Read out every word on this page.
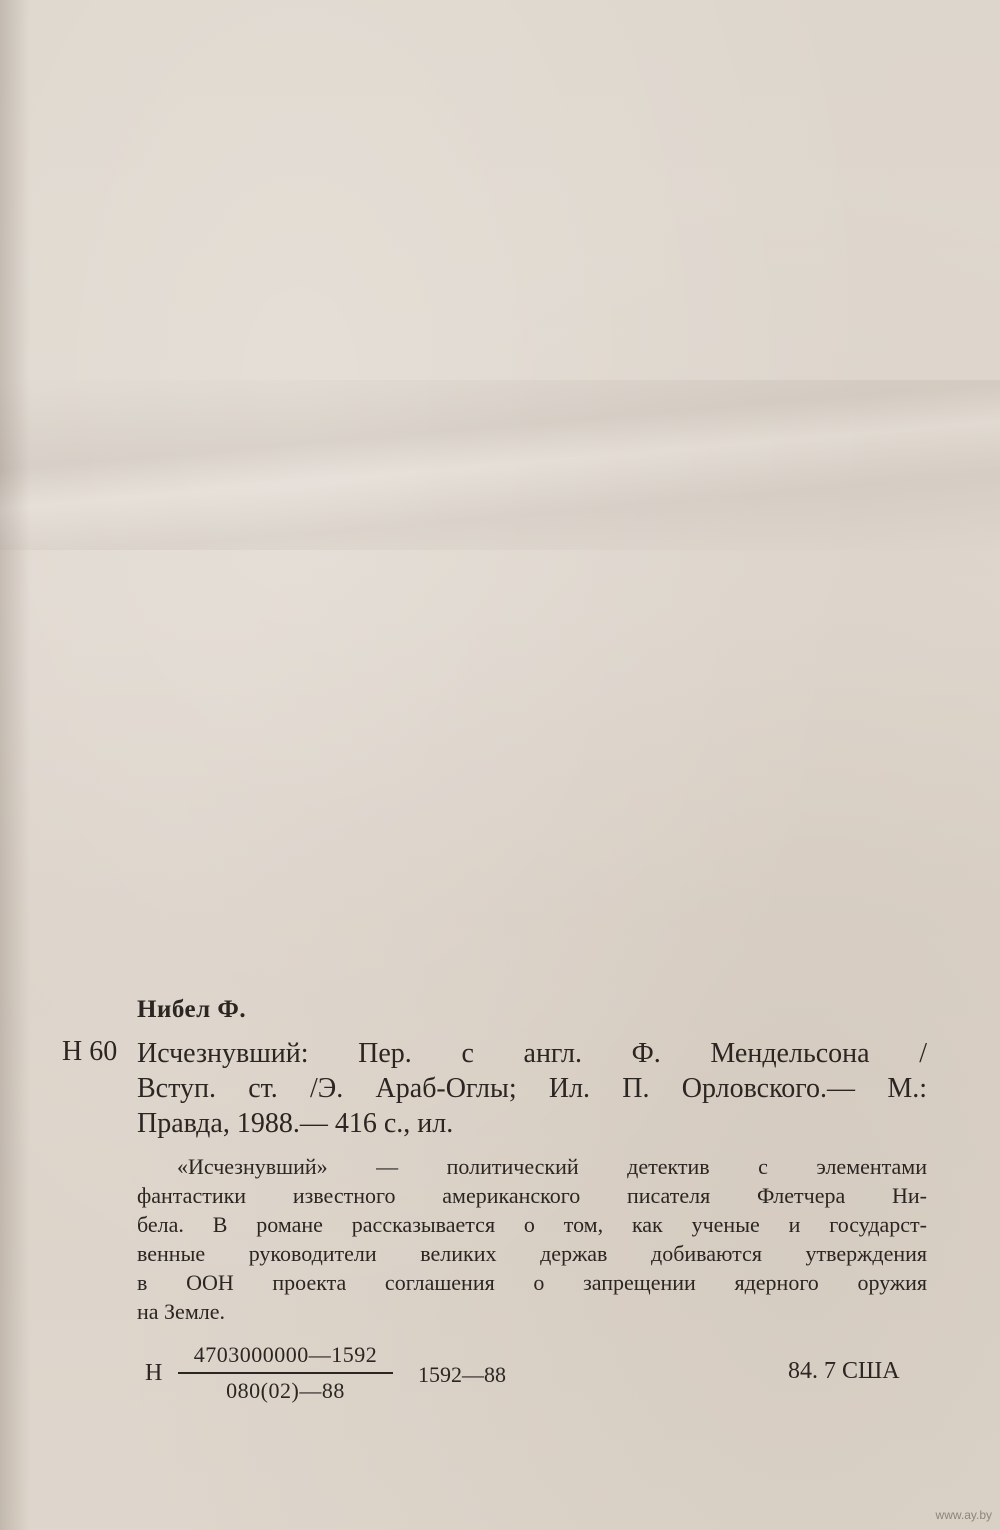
Нибел Ф.
Н 60 Исчезнувший: Пер. с англ. Ф. Мендельсона /
Вступ. ст. /Э. Араб-Оглы; Ил. П. Орловского.— М.:
Правда, 1988.— 416 с., ил.
«Исчезнувший» — политический детектив с элементами
фантастики известного американского писателя Флетчера Ни-
бела. В романе рассказывается о том, как ученые и государст-
венные руководители великих держав добиваются утверждения
в ООН проекта соглашения о запрещении ядерного оружия
на Земле.
Н $\frac{4703000000—1592}{080(02)—88}$ 1592—88	84. 7 США
www.ay.by
